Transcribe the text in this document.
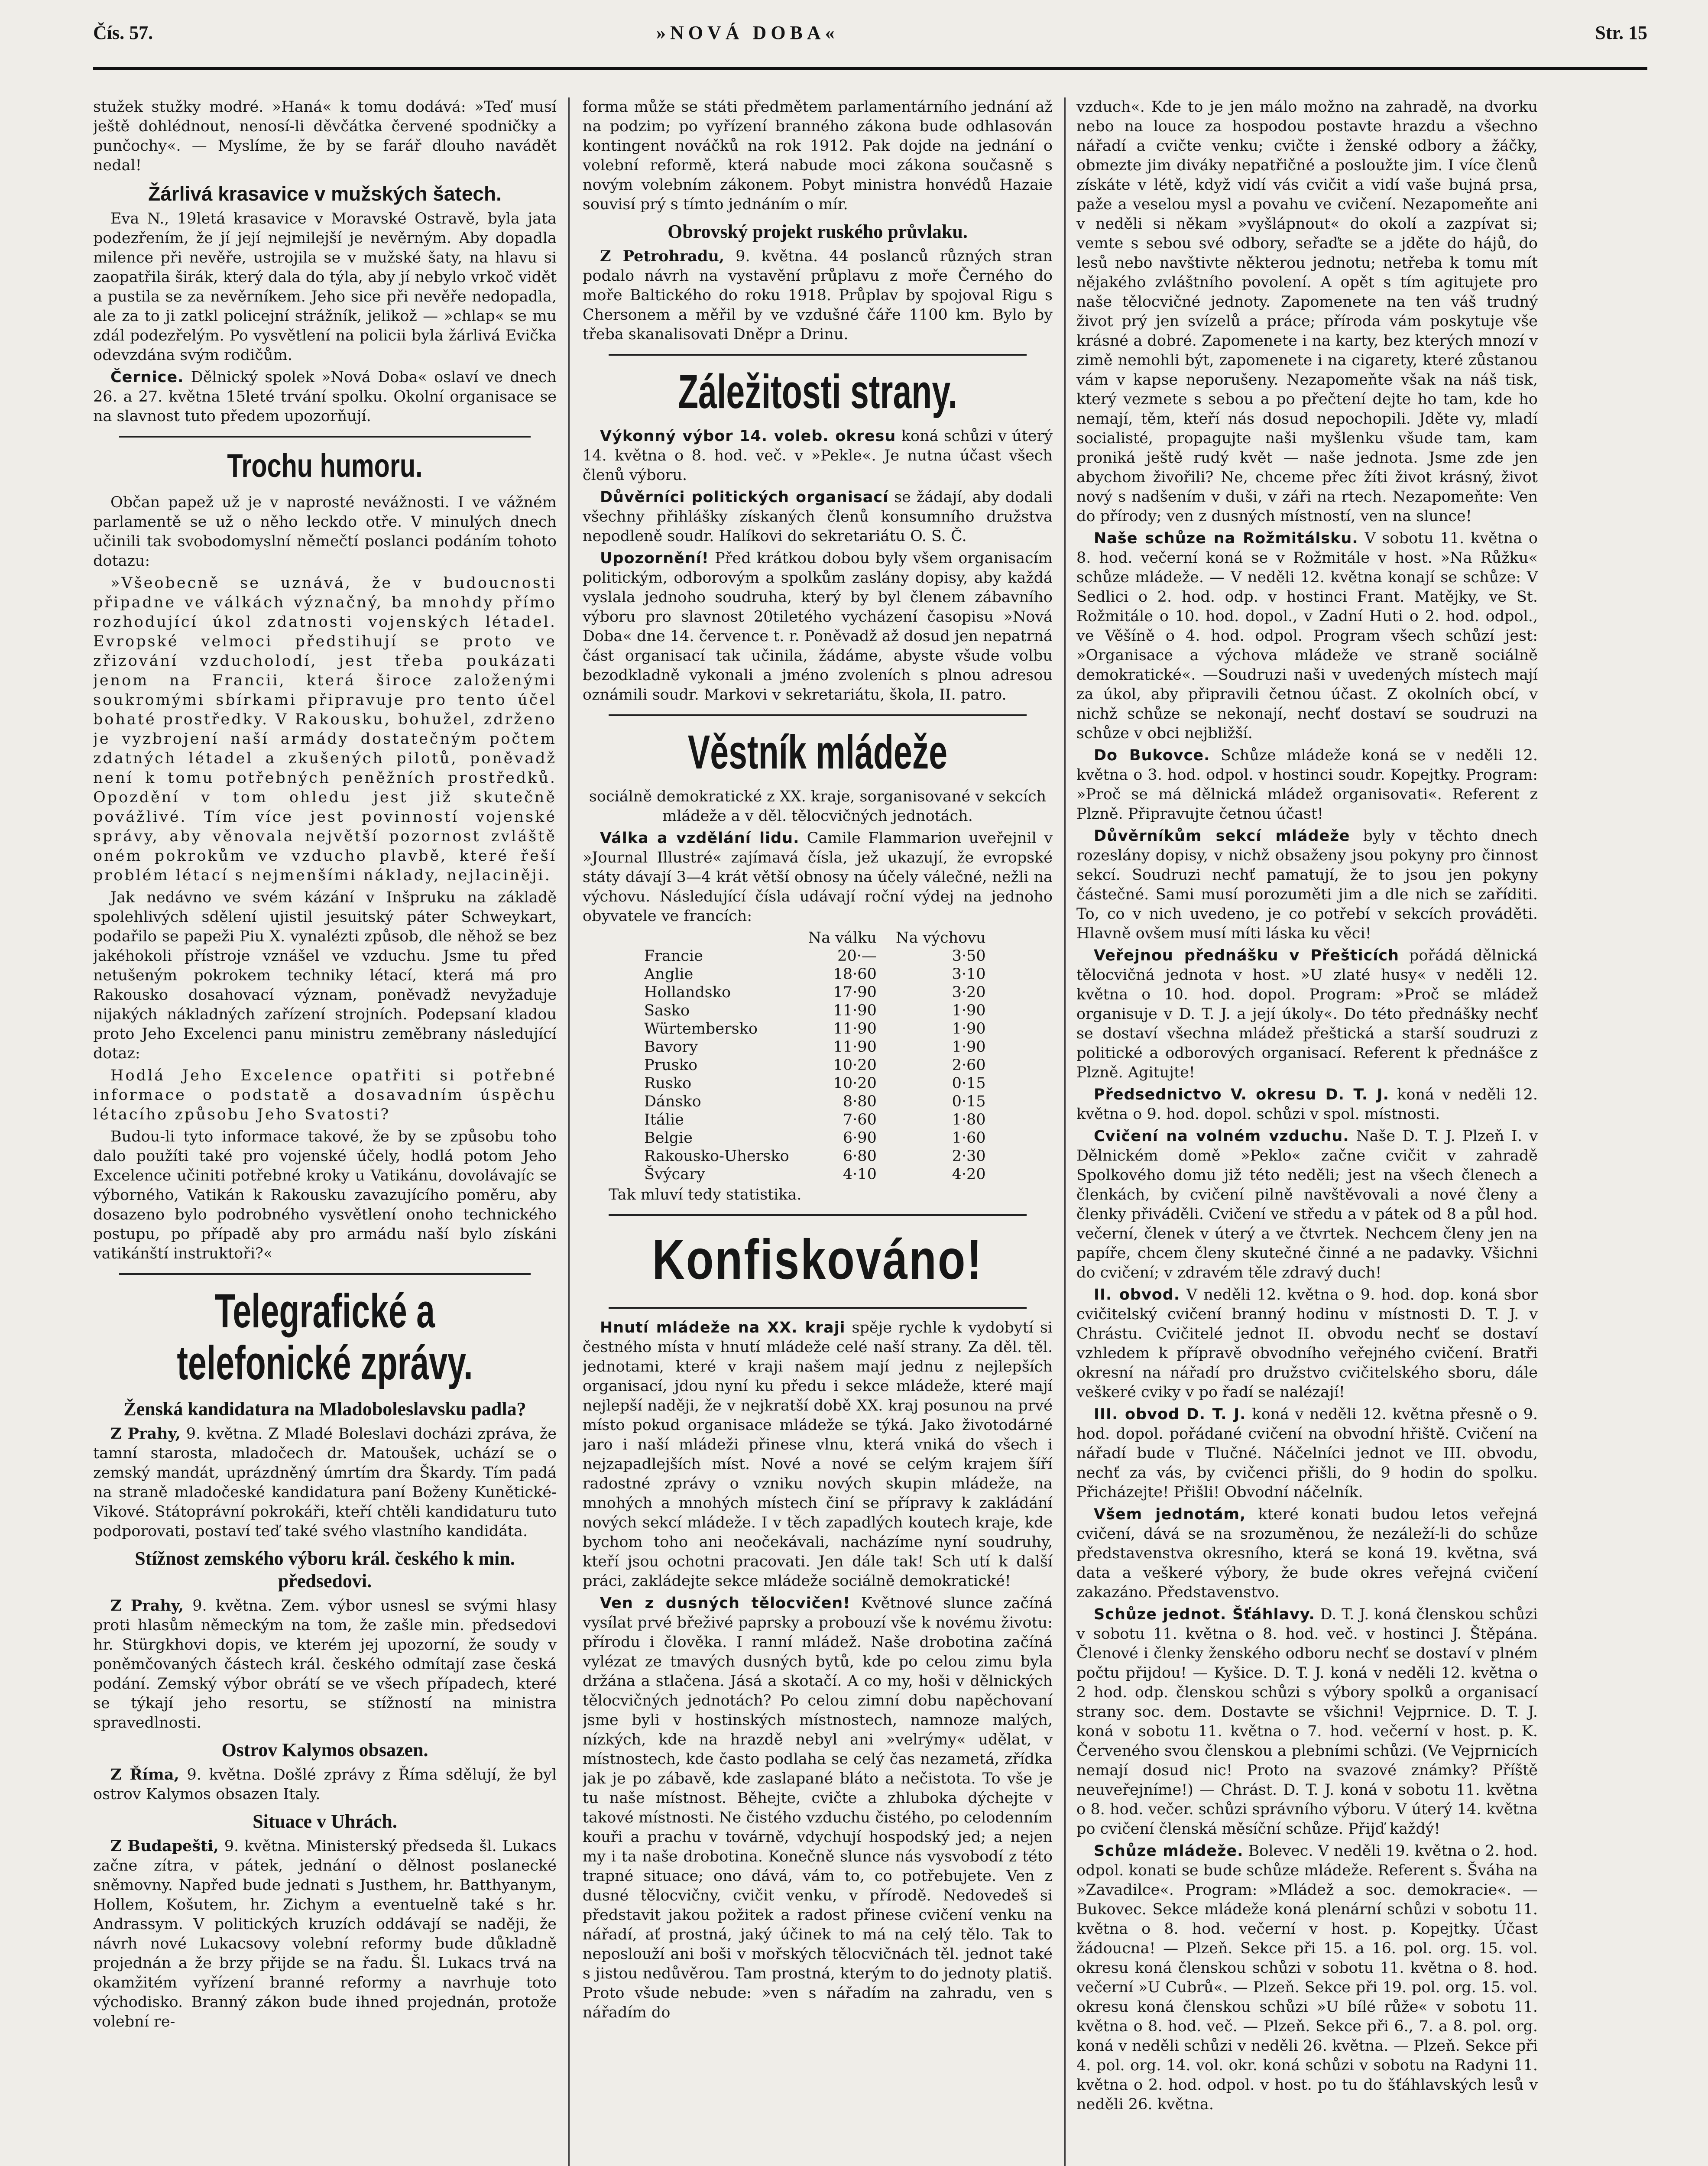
Čís. 57.	»NOVÁ DOBA«	Str. 15

stužek stužky modré. »Haná« k tomu dodává: »Teď musí ještě dohlédnout, nenosí-li děvčátka červené spodničky a punčochy«. — Myslíme, že by se farář dlouho navádět nedal!

Žárlivá krasavice v mužských šatech.

Eva N., 19letá krasavice v Moravské Ostravě, byla jata podezřením, že jí její nejmilejší je nevěrným. Aby dopadla milence při nevěře, ustrojila se v mužské šaty, na hlavu si zaopatřila širák, který dala do týla, aby jí nebylo vrkoč vidět a pustila se za nevěrníkem. Jeho sice při nevěře nedopadla, ale za to ji zatkl policejní strážník, jelikož — »chlap« se mu zdál podezřelým. Po vysvětlení na policii byla žárlivá Evička odevzdána svým rodičům.

Černice. Dělnický spolek »Nová Doba« oslaví ve dnech 26. a 27. května 15leté trvání spolku. Okolní organisace se na slavnost tuto předem upozorňují.

Trochu humoru.

Občan papež už je v naprosté nevážnosti. I ve vážném parlamentě se už o něho leckdo otře. V minulých dnech učinili tak svobodomyslní němečtí poslanci podáním tohoto dotazu:

»Všeobecně se uznává, že v budoucnosti připadne ve válkách význačný, ba mnohdy přímo rozhodující úkol zdatnosti vojenských létadel. Evropské velmoci předstihují se proto ve zřizování vzducholodí, jest třeba poukázati jenom na Francii, která široce založenými soukromými sbírkami připravuje pro tento účel bohaté prostředky. V Rakousku, bohužel, zdrženo je vyzbrojení naší armády dostatečným počtem zdatných létadel a zkušených pilotů, poněvadž není k tomu potřebných peněžních prostředků. Opozdění v tom ohledu jest již skutečně povážlivé. Tím více jest povinností vojenské správy, aby věnovala největší pozornost zvláště oném pokrokům ve vzducho plavbě, které řeší problém létací s nejmenšími náklady, nejlaciněji.

Jak nedávno ve svém kázání v Inšpruku na základě spolehlivých sdělení ujistil jesuitský páter Schweykart, podařilo se papeži Piu X. vynalézti způsob, dle něhož se bez jakéhokoli přístroje vznášel ve vzduchu. Jsme tu před netušeným pokrokem techniky létací, která má pro Rakousko dosahovací význam, poněvadž nevyžaduje nijakých nákladných zařízení strojních. Podepsaní kladou proto Jeho Excelenci panu ministru zeměbrany následující dotaz:

Hodlá Jeho Excelence opatřiti si potřebné informace o podstatě a dosavadním úspěchu létacího způsobu Jeho Svatosti?

Budou-li tyto informace takové, že by se způsobu toho dalo použíti také pro vojenské účely, hodlá potom Jeho Excelence učiniti potřebné kroky u Vatikánu, dovolávajíc se výborného, Vatikán k Rakousku zavazujícího poměru, aby dosazeno bylo podrobného vysvětlení onoho technického postupu, po případě aby pro armádu naší bylo získáni vatikánští instruktoři?«

Telegrafické a telefonické zprávy.
Ženská kandidatura na Mladoboleslavsku padla?

Z Prahy, 9. května. Z Mladé Boleslavi docházi zpráva, že tamní starosta, mladočech dr. Matoušek, uchází se o zemský mandát, uprázdněný úmrtím dra Škardy. Tím padá na straně mladočeské kandidatura paní Boženy Kunětické-Vikové. Státoprávní pokrokáři, kteří chtěli kandidaturu tuto podporovati, postaví teď také svého vlastního kandidáta.

Stížnost zemského výboru král. českého k min. předsedovi.

Z Prahy, 9. května. Zem. výbor usnesl se svými hlasy proti hlasům německým na tom, že zašle min. předsedovi hr. Stürgkhovi dopis, ve kterém jej upozorní, že soudy v poněmčovaných částech král. českého odmítají zase česká podání. Zemský výbor obrátí se ve všech případech, které se týkají jeho resortu, se stížností na ministra spravedlnosti.

Ostrov Kalymos obsazen.

Z Říma, 9. května. Došlé zprávy z Říma sdělují, že byl ostrov Kalymos obsazen Italy.

Situace v Uhrách.

Z Budapešti, 9. května. Ministerský předseda šl. Lukacs začne zítra, v pátek, jednání o dělnost poslanecké sněmovny. Napřed bude jednati s Justhem, hr. Batthyanym, Hollem, Košutem, hr. Zichym a eventuelně také s hr. Andrassym. V politických kruzích oddávají se naději, že návrh nové Lukacsovy volební reformy bude důkladně projednán a že brzy přijde se na řadu. Šl. Lukacs trvá na okamžitém vyřízení branné reformy a navrhuje toto východisko. Branný zákon bude ihned projednán, protože volební re-

forma může se státi předmětem parlamentárního jednání až na podzim; po vyřízení branného zákona bude odhlasován kontingent nováčků na rok 1912. Pak dojde na jednání o volební reformě, která nabude moci zákona současně s novým volebním zákonem. Pobyt ministra honvédů Hazaie souvisí prý s tímto jednáním o mír.

Obrovský projekt ruského průvlaku.

Z Petrohradu, 9. května. 44 poslanců různých stran podalo návrh na vystavění průplavu z moře Černého do moře Baltického do roku 1918. Průplav by spojoval Rigu s Chersonem a měřil by ve vzdušné čáře 1100 km. Bylo by třeba skanalisovati Dněpr a Drinu.

Záležitosti strany.

Výkonný výbor 14. volеb. okresu koná schůzi v úterý 14. května o 8. hod. več. v »Pekle«. Je nutna účast všech členů výboru.

Důvěrníci politických organisací se žádají, aby dodali všechny přihlášky získaných členů konsumního družstva nepodleně soudr. Halíkovi do sekretariátu O. S. Č.

Upozornění! Před krátkou dobou byly všem organisacím politickým, odborovým a spolkům zaslány dopisy, aby každá vyslala jednoho soudruha, který by byl členem zábavního výboru pro slavnost 20tiletého vycházení časopisu »Nová Doba« dne 14. července t. r. Poněvadž až dosud jen nepatrná část organisací tak učinila, žádáme, abyste všude volbu bezodkladně vykonali a jméno zvoleních s plnou adresou oznámili soudr. Markovi v sekretariátu, škola, II. patro.

Věstník mládeže

sociálně demokratické z XX. kraje, sorganisované v sekcích mládeže a v děl. tělocvičných jednotách.

Válka a vzdělání lidu. Camile Flammarion uveřejnil v »Journal Illustré« zajímavá čísla, jež ukazují, že evropské státy dávají 3—4 krát větší obnosy na účely válečné, nežli na výchovu. Následující čísla udávají roční výdej na jednoho obyvatele ve francích:

	Na válku	Na výchovu
Francie	20·—	3·50
Anglie	18·60	3·10
Hollandsko	17·90	3·20
Sasko	11·90	1·90
Würtembersko	11·90	1·90
Bavory	11·90	1·90
Prusko	10·20	2·60
Rusko	10·20	0·15
Dánsko	8·80	0·15
Itálie	7·60	1·80
Belgie	6·90	1·60
Rakousko-Uhersko	6·80	2·30
Švýcary	4·10	4·20
Tak mluví tedy statistika.
Konfiskováno!

Hnutí mládeže na XX. kraji spěje rychle k vydobytí si čestného místa v hnutí mládeže celé naší strany. Za děl. těl. jednotami, které v kraji našem mají jednu z nejlepších organisací, jdou nyní ku předu i sekce mládeže, které mají nejlepší naději, že v nejkratší době XX. kraj posunou na prvé místo pokud organisace mládeže se týká. Jako životodárné jaro i naší mládeži přinese vlnu, která vniká do všech i nejzapadlejších míst. Nové a nové se celým krajem šíří radostné zprávy o vzniku nových skupin mládeže, na mnohých a mnohých místech činí se přípravy k zakládání nových sekcí mládeže. I v těch zapadlých koutech kraje, kde bychom toho ani neočekávali, nacházíme nyní soudruhy, kteří jsou ochotni pracovati. Jen dále tak! Sch utí k další práci, zakládejte sekce mládeže sociálně demokratické!

Ven z dusných tělocvičen! Květnové slunce začíná vysílat prvé břeživé paprsky a probouzí vše k novému životu: přírodu i člověka. I ranní mládež. Naše drobotina začíná vylézat ze tmavých dusných bytů, kde po celou zimu byla držána a stlačena. Jásá a skotačí. A co my, hoši v dělnických tělocvičných jednotách? Po celou zimní dobu napěchovaní jsme byli v hostinských místnostech, namnoze malých, nízkých, kde na hrazdě nebyl ani »velrýmy« udělat, v místnostech, kde často podlaha se celý čas nezametá, zřídka jak je po zábavě, kde zaslapané bláto a nečistota. To vše je tu naše místnost. Běhejte, cvičte a zhluboka dýchejte v takové místnosti. Ne čistého vzduchu čistého, po celodenním kouři a prachu v továrně, vdychují hospodský jed; a nejen my i ta naše drobotina. Konečně slunce nás vysvobodí z této trapné situace; ono dává, vám to, co potřebujete. Ven z dusné tělocvičny, cvičit venku, v přírodě. Nedovedeš si představit jakou požitek a radost přinese cvičení venku na nářadí, ať prostná, jaký účinek to má na celý tělo. Tak to neposlouží ani boši v mořských tělocvičnách těl. jednot také s jistou nedůvěrou. Tam prostná, kterým to do jednoty platiš. Proto všude nebude: »ven s nářadím na zahradu, ven s nářadím do

vzduch«. Kde to je jen málo možno na zahradě, na dvorku nebo na louce za hospodou postavte hrazdu a všechno nářadí a cvičte venku; cvičte i ženské odbory a žáčky, obmezte jim diváky nepatřičné a posloužte jim. I více členů získáte v létě, když vidí vás cvičit a vidí vaše bujná prsa, paže a veselou mysl a povahu ve cvičení. Nezapomeňte ani v neděli si někam »vyšlápnout« do okolí a zazpívat si; vemte s sebou své odbory, seřaďte se a jděte do hájů, do lesů nebo navštivte některou jednotu; netřeba k tomu mít nějakého zvláštního povolení. A opět s tím agitujete pro naše tělocvičné jednoty. Zapomenete na ten váš trudný život prý jen svízelů a práce; příroda vám poskytuje vše krásné a dobré. Zapomenete i na karty, bez kterých mnozí v zimě nemohli být, zapomenete i na cigarety, které zůstanou vám v kapse neporušeny. Nezapomeňte však na náš tisk, který vezmete s sebou a po přečtení dejte ho tam, kde ho nemají, těm, kteří nás dosud nepochopili. Jděte vy, mladí socialisté, propagujte naši myšlenku všude tam, kam proniká ještě rudý květ — naše jednota. Jsme zde jen abychom živořili? Ne, chceme přec žíti život krásný, život nový s nadšením v duši, v záři na rtech. Nezapomeňte: Ven do přírody; ven z dusných místností, ven na slunce!

Naše schůze na Rožmitálsku. V sobotu 11. května o 8. hod. večerní koná se v Rožmitále v host. »Na Růžku« schůze mládeže. — V neděli 12. května konají se schůze: V Sedlici o 2. hod. odp. v hostinci Frant. Matějky, ve St. Rožmitále o 10. hod. dopol., v Zadní Huti o 2. hod. odpol., ve Věšíně o 4. hod. odpol. Program všech schůzí jest: »Organisace a výchova mládeže ve straně sociálně demokratické«. —Soudruzi naši v uvedených místech mají za úkol, aby připravili četnou účast. Z okolních obcí, v nichž schůze se nekonají, nechť dostaví se soudruzi na schůze v obci nejbližší.

Do Bukovce. Schůze mládeže koná se v neděli 12. května o 3. hod. odpol. v hostinci soudr. Kopejtky. Program: »Proč se má dělnická mládež organisovati«. Referent z Plzně. Připravujte četnou účast!

Důvěrníkům sekcí mládeže byly v těchto dnech rozeslány dopisy, v nichž obsaženy jsou pokyny pro činnost sekcí. Soudruzi nechť pamatují, že to jsou jen pokyny částečné. Sami musí porozuměti jim a dle nich se zaříditi. To, co v nich uvedeno, je co potřebí v sekcích prováděti. Hlavně ovšem musí míti láska ku věci!

Veřejnou přednášku v Přešticích pořádá dělnická tělocvičná jednota v host. »U zlaté husy« v neděli 12. května o 10. hod. dopol. Program: »Proč se mládež organisuje v D. T. J. a její úkoly«. Do této přednášky nechť se dostaví všechna mládež přeštická a starší soudruzi z politické a odborových organisací. Referent k přednášce z Plzně. Agitujte!

Předsednictvo V. okresu D. T. J. koná v neděli 12. května o 9. hod. dopol. schůzi v spol. místnosti.

Cvičení na volném vzduchu. Naše D. T. J. Plzeň I. v Dělnickém domě »Peklo« začne cvičit v zahradě Spolkového domu již této neděli; jest na všech členech a členkách, by cvičení pilně navštěvovali a nové členy a členky přiváděli. Cvičení ve středu a v pátek od 8 a půl hod. večerní, členek v úterý a ve čtvrtek. Nechcem členy jen na papíře, chcem členy skutečné činné a ne padavky. Všichni do cvičení; v zdravém těle zdravý duch!

II. obvod. V neděli 12. května o 9. hod. dop. koná sbor cvičitelský cvičení branný hodinu v místnosti D. T. J. v Chrástu. Cvičitelé jednot II. obvodu nechť se dostaví vzhledem k přípravě obvodního veřejného cvičení. Bratři okresní na nářadí pro družstvo cvičitelského sboru, dále veškeré cviky v po řadí se nalézají!

III. obvod D. T. J. koná v neděli 12. května přesně o 9. hod. dopol. pořádané cvičení na obvodní hřiště. Cvičení na nářadí bude v Tlučné. Náčelníci jednot ve III. obvodu, nechť za vás, by cvičenci přišli, do 9 hodin do spolku. Přicházejte! Přišli! Obvodní náčelník.

Všem jednotám, které konati budou letos veřejná cvičení, dává se na srozuměnou, že nezáleží-li do schůze představenstva okresního, která se koná 19. května, svá data a veškeré výbory, že bude okres veřejná cvičení zakazáno. Představenstvo.

Schůze jednot. Šťáhlavy. D. T. J. koná členskou schůzi v sobotu 11. května o 8. hod. več. v hostinci J. Štěpána. Členové i členky ženského odboru nechť se dostaví v plném počtu přijdou! — Kyšice. D. T. J. koná v neděli 12. května o 2 hod. odp. členskou schůzi s výbory spolků a organisací strany soc. dem. Dostavte se všichni! Vejprnice. D. T. J. koná v sobotu 11. května o 7. hod. večerní v host. p. K. Červeného svou členskou a plebními schůzi. (Ve Vejprnicích nemají dosud nic! Proto na svazové známky? Příště neuveřejníme!) — Chrást. D. T. J. koná v sobotu 11. května o 8. hod. večer. schůzi správního výboru. V úterý 14. května po cvičení členská měsíční schůze. Přijď každý!

Schůze mládeže. Bolevec. V neděli 19. května o 2. hod. odpol. konati se bude schůze mládeže. Referent s. Šváha na »Zavadilce«. Program: »Mládež a soc. demokracie«. — Bukovec. Sekce mládeže koná plenární schůzi v sobotu 11. května o 8. hod. večerní v host. p. Kopejtky. Účast žádoucna! — Plzeň. Sekce při 15. a 16. pol. org. 15. vol. okresu koná členskou schůzi v sobotu 11. května o 8. hod. večerní »U Cubrů«. — Plzeň. Sekce při 19. pol. org. 15. vol. okresu koná členskou schůzi »U bílé růže« v sobotu 11. května o 8. hod. več. — Plzeň. Sekce při 6., 7. a 8. pol. org. koná v neděli schůzi v neděli 26. května. — Plzeň. Sekce při 4. pol. org. 14. vol. okr. koná schůzi v sobotu na Radyni 11. května o 2. hod. odpol. v host. po tu do šťáhlavských lesů v neděli 26. května.
